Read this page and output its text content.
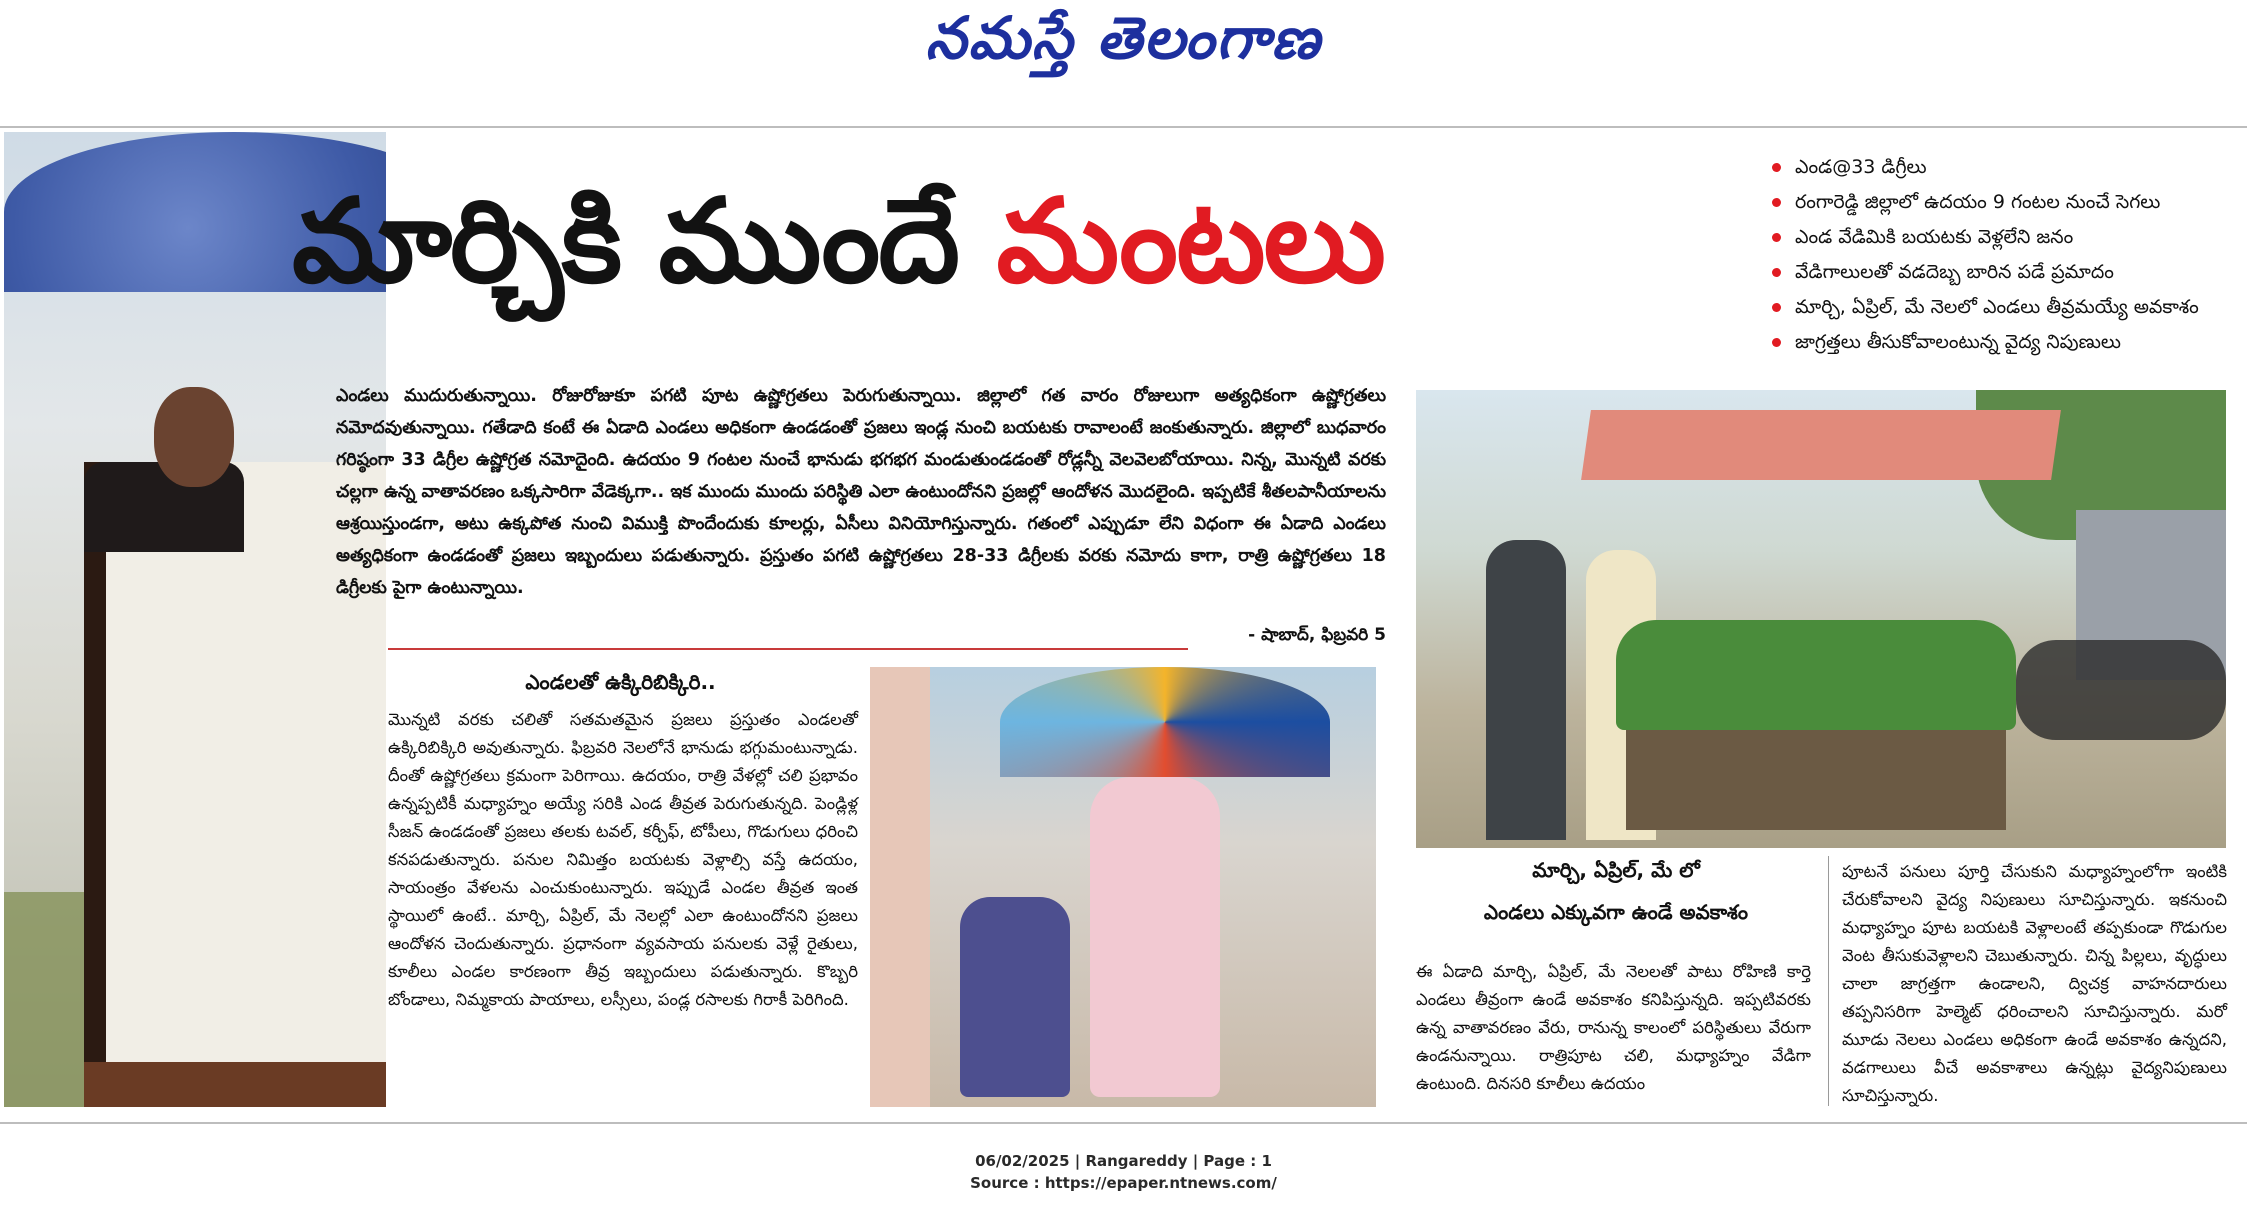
నమస్తే తెలంగాణ
మార్చికి ముందే మంటలు
ఎండ@33 డిగ్రీలు
రంగారెడ్డి జిల్లాలో ఉదయం 9 గంటల నుంచే సెగలు
ఎండ వేడిమికి బయటకు వెళ్లలేని జనం
వేడిగాలులతో వడదెబ్బ బారిన పడే ప్రమాదం
మార్చి, ఏప్రిల్, మే నెలలో ఎండలు తీవ్రమయ్యే అవకాశం
జాగ్రత్తలు తీసుకోవాలంటున్న వైద్య నిపుణులు
ఎండలు ముదురుతున్నాయి. రోజురోజుకూ పగటి పూట ఉష్ణోగ్రతలు పెరుగుతున్నాయి. జిల్లాలో గత వారం రోజులుగా అత్యధికంగా ఉష్ణోగ్రతలు నమోదవుతున్నాయి. గతేడాది కంటే ఈ ఏడాది ఎండలు అధికంగా ఉండడంతో ప్రజలు ఇండ్ల నుంచి బయటకు రావాలంటే జంకుతున్నారు. జిల్లాలో బుధవారం గరిష్ఠంగా 33 డిగ్రీల ఉష్ణోగ్రత నమోదైంది. ఉదయం 9 గంటల నుంచే భానుడు భగభగ మండుతుండడంతో రోడ్లన్నీ వెలవెలబోయాయి. నిన్న, మొన్నటి వరకు చల్లగా ఉన్న వాతావరణం ఒక్కసారిగా వేడెక్కగా.. ఇక ముందు ముందు పరిస్థితి ఎలా ఉంటుందోనని ప్రజల్లో ఆందోళన మొదలైంది. ఇప్పటికే శీతలపానీయాలను ఆశ్రయిస్తుండగా, అటు ఉక్కపోత నుంచి విముక్తి పొందేందుకు కూలర్లు, ఏసీలు వినియోగిస్తున్నారు. గతంలో ఎప్పుడూ లేని విధంగా ఈ ఏడాది ఎండలు అత్యధికంగా ఉండడంతో ప్రజలు ఇబ్బందులు పడుతున్నారు. ప్రస్తుతం పగటి ఉష్ణోగ్రతలు 28-33 డిగ్రీలకు వరకు నమోదు కాగా, రాత్రి ఉష్ణోగ్రతలు 18 డిగ్రీలకు పైగా ఉంటున్నాయి.
- షాబాద్, ఫిబ్రవరి 5
ఎండలతో ఉక్కిరిబిక్కిరి..
మొన్నటి వరకు చలితో సతమతమైన ప్రజలు ప్రస్తుతం ఎండలతో ఉక్కిరిబిక్కిరి అవుతున్నారు. ఫిబ్రవరి నెలలోనే భానుడు భగ్గుమంటున్నాడు. దీంతో ఉష్ణోగ్రతలు క్రమంగా పెరిగాయి. ఉదయం, రాత్రి వేళల్లో చలి ప్రభావం ఉన్నప్పటికీ మధ్యాహ్నం అయ్యే సరికి ఎండ తీవ్రత పెరుగుతున్నది. పెండ్లిళ్ల సీజన్ ఉండడంతో ప్రజలు తలకు టవల్, కర్చీఫ్, టోపీలు, గొడుగులు ధరించి కనపడుతున్నారు. పనుల నిమిత్తం బయటకు వెళ్లాల్సి వస్తే ఉదయం, సాయంత్రం వేళలను ఎంచుకుంటున్నారు. ఇప్పుడే ఎండల తీవ్రత ఇంత స్థాయిలో ఉంటే.. మార్చి, ఏప్రిల్, మే నెలల్లో ఎలా ఉంటుందోనని ప్రజలు ఆందోళన చెందుతున్నారు. ప్రధానంగా వ్యవసాయ పనులకు వెళ్లే రైతులు, కూలీలు ఎండల కారణంగా తీవ్ర ఇబ్బందులు పడుతున్నారు. కొబ్బరి బోండాలు, నిమ్మకాయ పాయాలు, లస్సీలు, పండ్ల రసాలకు గిరాకీ పెరిగింది.
మార్చి, ఏప్రిల్, మే లో
ఎండలు ఎక్కువగా ఉండే అవకాశం
ఈ ఏడాది మార్చి, ఏప్రిల్, మే నెలలతో పాటు రోహిణి కార్తె ఎండలు తీవ్రంగా ఉండే అవకాశం కనిపిస్తున్నది. ఇప్పటివరకు ఉన్న వాతావరణం వేరు, రానున్న కాలంలో పరిస్థితులు వేరుగా ఉండనున్నాయి. రాత్రిపూట చలి, మధ్యాహ్నం వేడిగా ఉంటుంది. దినసరి కూలీలు ఉదయం
పూటనే పనులు పూర్తి చేసుకుని మధ్యాహ్నంలోగా ఇంటికి చేరుకోవాలని వైద్య నిపుణులు సూచిస్తున్నారు. ఇకనుంచి మధ్యాహ్నం పూట బయటకి వెళ్లాలంటే తప్పకుండా గొడుగుల వెంట తీసుకువెళ్లాలని చెబుతున్నారు. చిన్న పిల్లలు, వృద్ధులు చాలా జాగ్రత్తగా ఉండాలని, ద్విచక్ర వాహనదారులు తప్పనిసరిగా హెల్మెట్ ధరించాలని సూచిస్తున్నారు. మరో మూడు నెలలు ఎండలు అధికంగా ఉండే అవకాశం ఉన్నదని, వడగాలులు వీచే అవకాశాలు ఉన్నట్లు వైద్యనిపుణులు సూచిస్తున్నారు.
06/02/2025 | Rangareddy | Page : 1
Source : https://epaper.ntnews.com/
